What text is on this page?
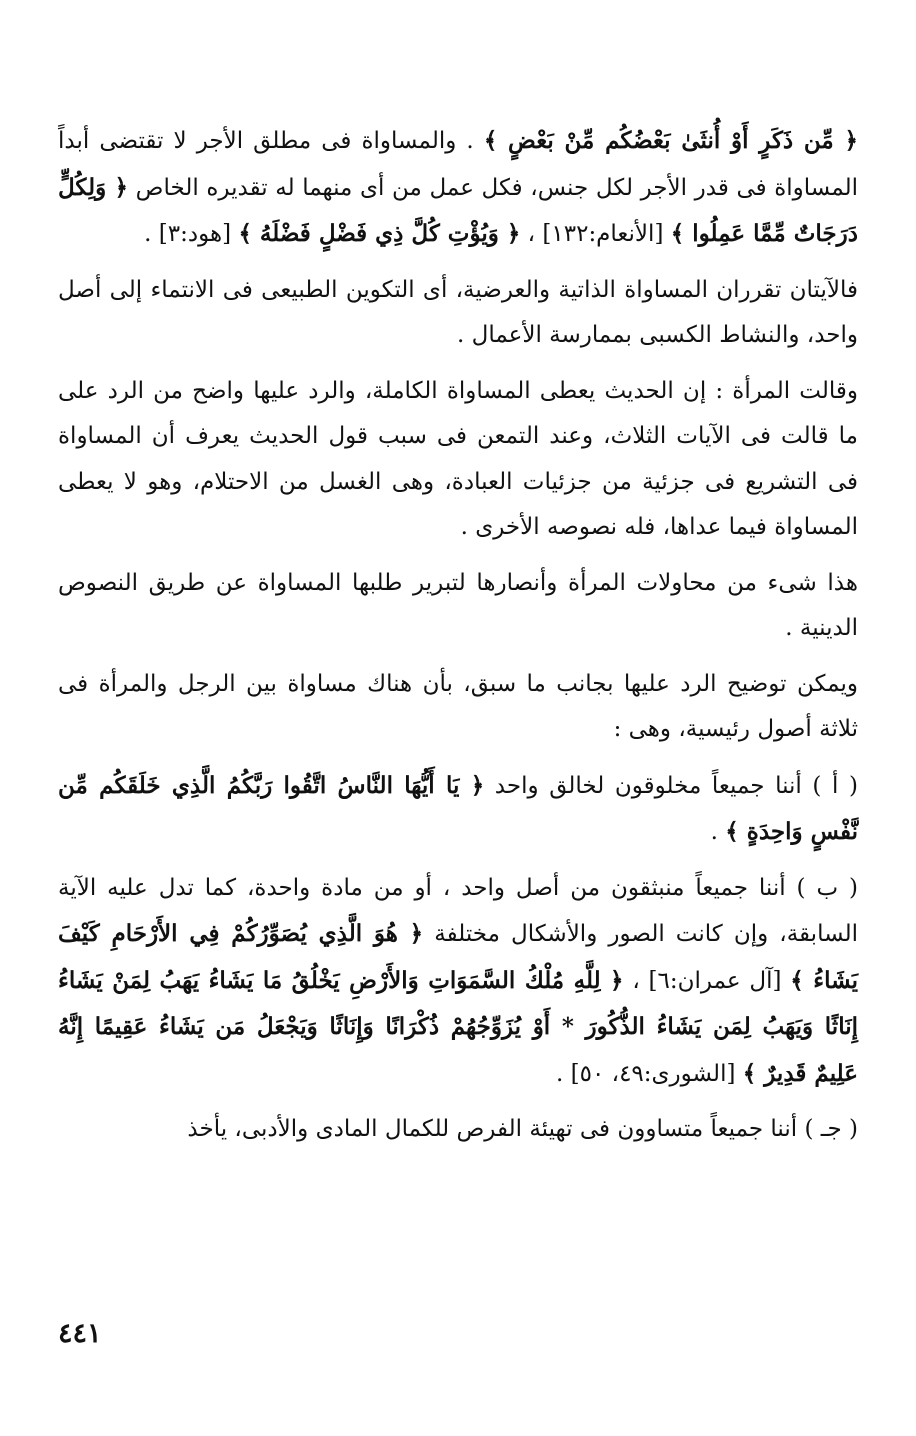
﴿ مِّن ذَكَرٍ أَوْ أُنثَىٰ بَعْضُكُم مِّنْ بَعْضٍ ﴾ . والمساواة فى مطلق الأجر لا تقتضى أبداً المساواة فى قدر الأجر لكل جنس، فكل عمل من أى منهما له تقديره الخاص ﴿ وَلِكُلٍّ دَرَجَاتٌ مِّمَّا عَمِلُوا ﴾ [الأنعام:١٣٢] ، ﴿ وَيُؤْتِ كُلَّ ذِي فَضْلٍ فَضْلَهُ ﴾ [هود:٣] .

فالآيتان تقرران المساواة الذاتية والعرضية، أى التكوين الطبيعى فى الانتماء إلى أصل واحد، والنشاط الكسبى بممارسة الأعمال .

وقالت المرأة : إن الحديث يعطى المساواة الكاملة، والرد عليها واضح من الرد على ما قالت فى الآيات الثلاث، وعند التمعن فى سبب قول الحديث يعرف أن المساواة فى التشريع فى جزئية من جزئيات العبادة، وهى الغسل من الاحتلام، وهو لا يعطى المساواة فيما عداها، فله نصوصه الأخرى .

هذا شىء من محاولات المرأة وأنصارها لتبرير طلبها المساواة عن طريق النصوص الدينية .

ويمكن توضيح الرد عليها بجانب ما سبق، بأن هناك مساواة بين الرجل والمرأة فى ثلاثة أصول رئيسية، وهى :

( أ ) أننا جميعاً مخلوقون لخالق واحد ﴿ يَا أَيُّهَا النَّاسُ اتَّقُوا رَبَّكُمُ الَّذِي خَلَقَكُم مِّن نَّفْسٍ وَاحِدَةٍ ﴾ .

( ب ) أننا جميعاً منبثقون من أصل واحد ، أو من مادة واحدة، كما تدل عليه الآية السابقة، وإن كانت الصور والأشكال مختلفة ﴿ هُوَ الَّذِي يُصَوِّرُكُمْ فِي الأَرْحَامِ كَيْفَ يَشَاءُ ﴾ [آل عمران:٦] ، ﴿ لِلَّهِ مُلْكُ السَّمَوَاتِ وَالأَرْضِ يَخْلُقُ مَا يَشَاءُ يَهَبُ لِمَنْ يَشَاءُ إِنَاثًا وَيَهَبُ لِمَن يَشَاءُ الذُّكُورَ * أَوْ يُزَوِّجُهُمْ ذُكْرَانًا وَإِنَاثًا وَيَجْعَلُ مَن يَشَاءُ عَقِيمًا إِنَّهُ عَلِيمٌ قَدِيرٌ ﴾ [الشورى:٤٩، ٥٠] .

( جـ ) أننا جميعاً متساوون فى تهيئة الفرص للكمال المادى والأدبى، يأخذ

٤٤١
